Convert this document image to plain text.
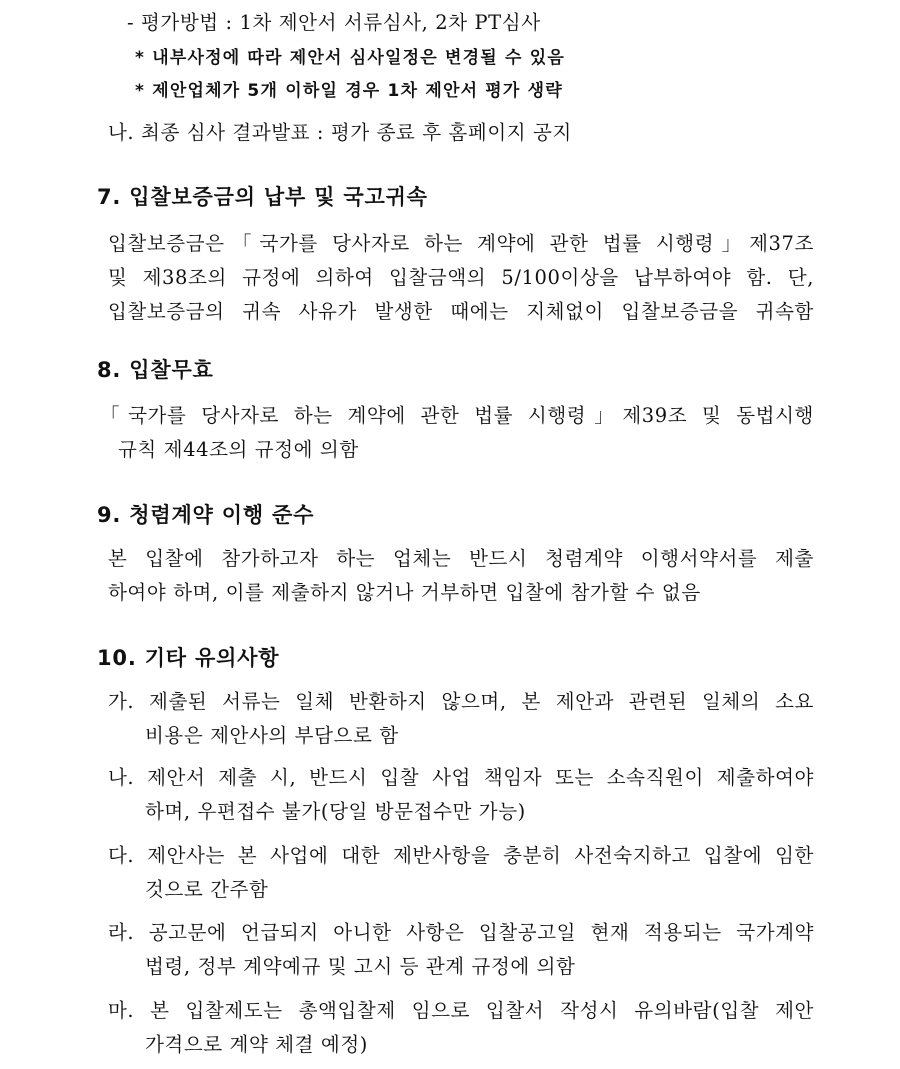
- 평가방법 : 1차 제안서 서류심사, 2차 PT심사
* 내부사정에 따라 제안서 심사일정은 변경될 수 있음
* 제안업체가 5개 이하일 경우 1차 제안서 평가 생략
나. 최종 심사 결과발표 : 평가 종료 후 홈페이지 공지
7. 입찰보증금의 납부 및 국고귀속
입찰보증금은「국가를 당사자로 하는 계약에 관한 법률 시행령」제37조
및 제38조의 규정에 의하여 입찰금액의 5/100이상을 납부하여야 함. 단,
입찰보증금의 귀속 사유가 발생한 때에는 지체없이 입찰보증금을 귀속함
8. 입찰무효
「국가를 당사자로 하는 계약에 관한 법률 시행령」제39조 및 동법시행
규칙 제44조의 규정에 의함
9. 청렴계약 이행 준수
본 입찰에 참가하고자 하는 업체는 반드시 청렴계약 이행서약서를 제출
하여야 하며, 이를 제출하지 않거나 거부하면 입찰에 참가할 수 없음
10. 기타 유의사항
가. 제출된 서류는 일체 반환하지 않으며, 본 제안과 관련된 일체의 소요
비용은 제안사의 부담으로 함
나. 제안서 제출 시, 반드시 입찰 사업 책임자 또는 소속직원이 제출하여야
하며, 우편접수 불가(당일 방문접수만 가능)
다. 제안사는 본 사업에 대한 제반사항을 충분히 사전숙지하고 입찰에 임한
것으로 간주함
라. 공고문에 언급되지 아니한 사항은 입찰공고일 현재 적용되는 국가계약
법령, 정부 계약예규 및 고시 등 관계 규정에 의함
마. 본 입찰제도는 총액입찰제 임으로 입찰서 작성시 유의바람(입찰 제안
가격으로 계약 체결 예정)
